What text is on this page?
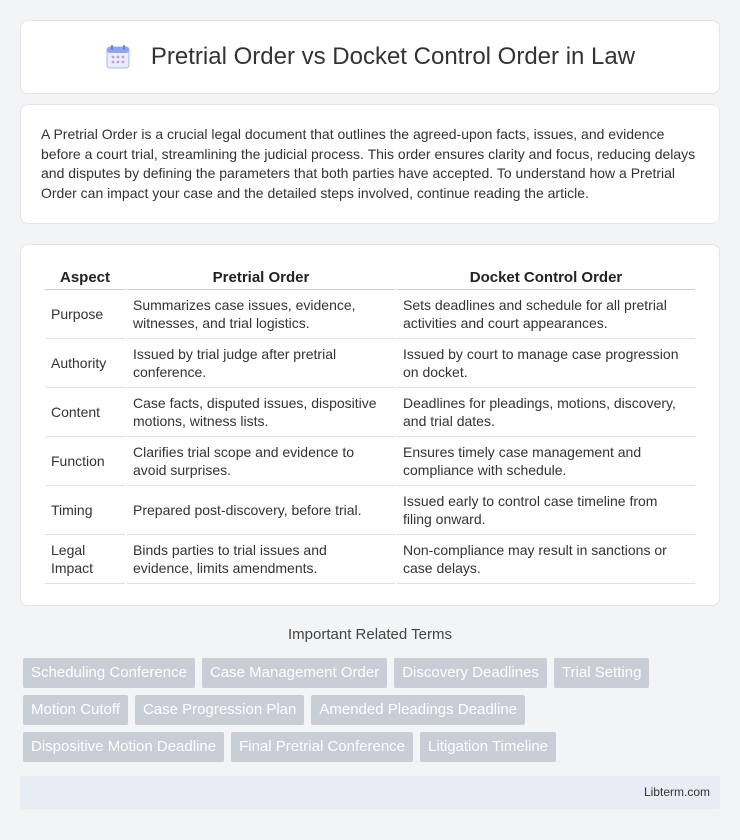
Pretrial Order vs Docket Control Order in Law

A Pretrial Order is a crucial legal document that outlines the agreed-upon facts, issues, and evidence before a court trial, streamlining the judicial process. This order ensures clarity and focus, reducing delays and disputes by defining the parameters that both parties have accepted. To understand how a Pretrial Order can impact your case and the detailed steps involved, continue reading the article.

Aspect	Pretrial Order	Docket Control Order
Purpose	Summarizes case issues, evidence, witnesses, and trial logistics.	Sets deadlines and schedule for all pretrial activities and court appearances.
Authority	Issued by trial judge after pretrial conference.	Issued by court to manage case progression on docket.
Content	Case facts, disputed issues, dispositive motions, witness lists.	Deadlines for pleadings, motions, discovery, and trial dates.
Function	Clarifies trial scope and evidence to avoid surprises.	Ensures timely case management and compliance with schedule.
Timing	Prepared post-discovery, before trial.	Issued early to control case timeline from filing onward.
Legal Impact	Binds parties to trial issues and evidence, limits amendments.	Non-compliance may result in sanctions or case delays.
Important Related Terms
Scheduling Conference	Case Management Order	Discovery Deadlines	Trial Setting
Motion Cutoff	Case Progression Plan	Amended Pleadings Deadline
Dispositive Motion Deadline	Final Pretrial Conference	Litigation Timeline
Libterm.com
